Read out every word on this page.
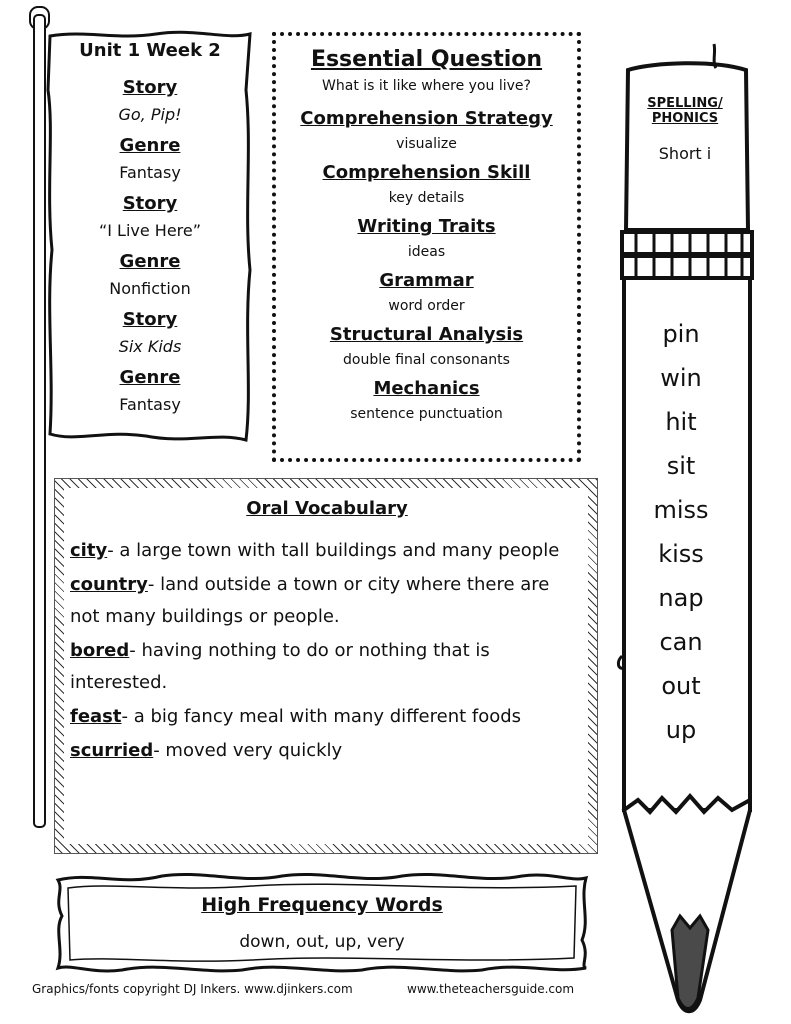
Unit 1 Week 2

Story

Go, Pip!

Genre

Fantasy

Story

“I Live Here”

Genre

Nonfiction

Story

Six Kids

Genre

Fantasy

Essential Question

What is it like where you live?

Comprehension Strategy

visualize

Comprehension Skill

key details

Writing Traits

ideas

Grammar

word order

Structural Analysis

double final consonants

Mechanics

sentence punctuation

Oral Vocabulary

city- a large town with tall buildings and many people

country- land outside a town or city where there are not many buildings or people.

bored- having nothing to do or nothing that is interested.

feast- a big fancy meal with many different foods

scurried- moved very quickly

High Frequency Words
down, out, up, very
Graphics/fonts copyright DJ Inkers. www.djinkers.com	www.theteachersguide.com
SPELLING/
PHONICS
Short i

pin

win

hit

sit

miss

kiss

nap

can

out

up
